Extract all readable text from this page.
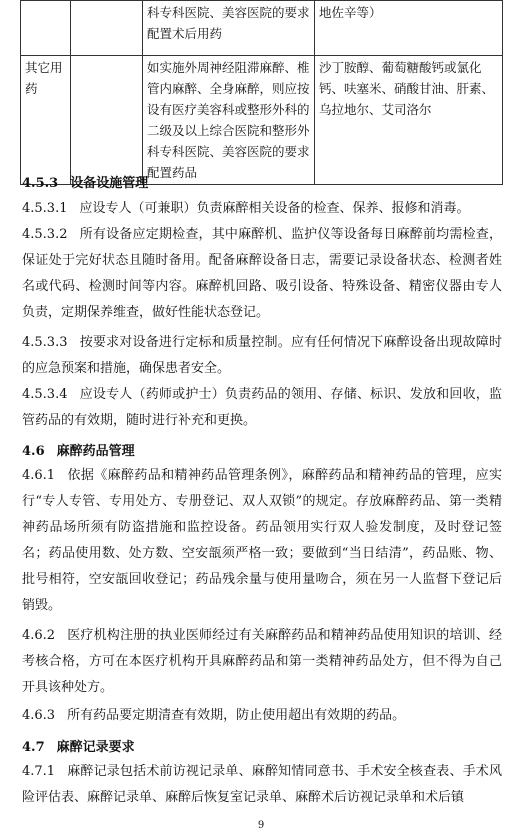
		科专科医院、美容医院的要求配置术后用药	地佐辛等）
其它用药		如实施外周神经阻滞麻醉、椎管内麻醉、全身麻醉，则应按设有医疗美容科或整形外科的二级及以上综合医院和整形外科专科医院、美容医院的要求配置药品	沙丁胺醇、葡萄糖酸钙或氯化钙、呋塞米、硝酸甘油、肝素、乌拉地尔、艾司洛尔
4.5.3 设备设施管理
4.5.3.1 应设专人（可兼职）负责麻醉相关设备的检查、保养、报修和消毒。
4.5.3.2 所有设备应定期检查，其中麻醉机、监护仪等设备每日麻醉前均需检查，保证处于完好状态且随时备用。配备麻醉设备日志，需要记录设备状态、检测者姓名或代码、检测时间等内容。麻醉机回路、吸引设备、特殊设备、精密仪器由专人负责，定期保养维查，做好性能状态登记。
4.5.3.3 按要求对设备进行定标和质量控制。应有任何情况下麻醉设备出现故障时的应急预案和措施，确保患者安全。
4.5.3.4 应设专人（药师或护士）负责药品的领用、存储、标识、发放和回收，监管药品的有效期，随时进行补充和更换。
4.6 麻醉药品管理
4.6.1 依据《麻醉药品和精神药品管理条例》，麻醉药品和精神药品的管理，应实行“专人专管、专用处方、专册登记、双人双锁”的规定。存放麻醉药品、第一类精神药品场所须有防盗措施和监控设备。药品领用实行双人验发制度，及时登记签名；药品使用数、处方数、空安瓿须严格一致；要做到“当日结清”，药品账、物、批号相符，空安瓿回收登记；药品残余量与使用量吻合，须在另一人监督下登记后销毁。
4.6.2 医疗机构注册的执业医师经过有关麻醉药品和精神药品使用知识的培训、经考核合格，方可在本医疗机构开具麻醉药品和第一类精神药品处方，但不得为自己开具该种处方。
4.6.3 所有药品要定期清查有效期，防止使用超出有效期的药品。
4.7 麻醉记录要求
4.7.1 麻醉记录包括术前访视记录单、麻醉知情同意书、手术安全核查表、手术风险评估表、麻醉记录单、麻醉后恢复室记录单、麻醉术后访视记录单和术后镇
9
